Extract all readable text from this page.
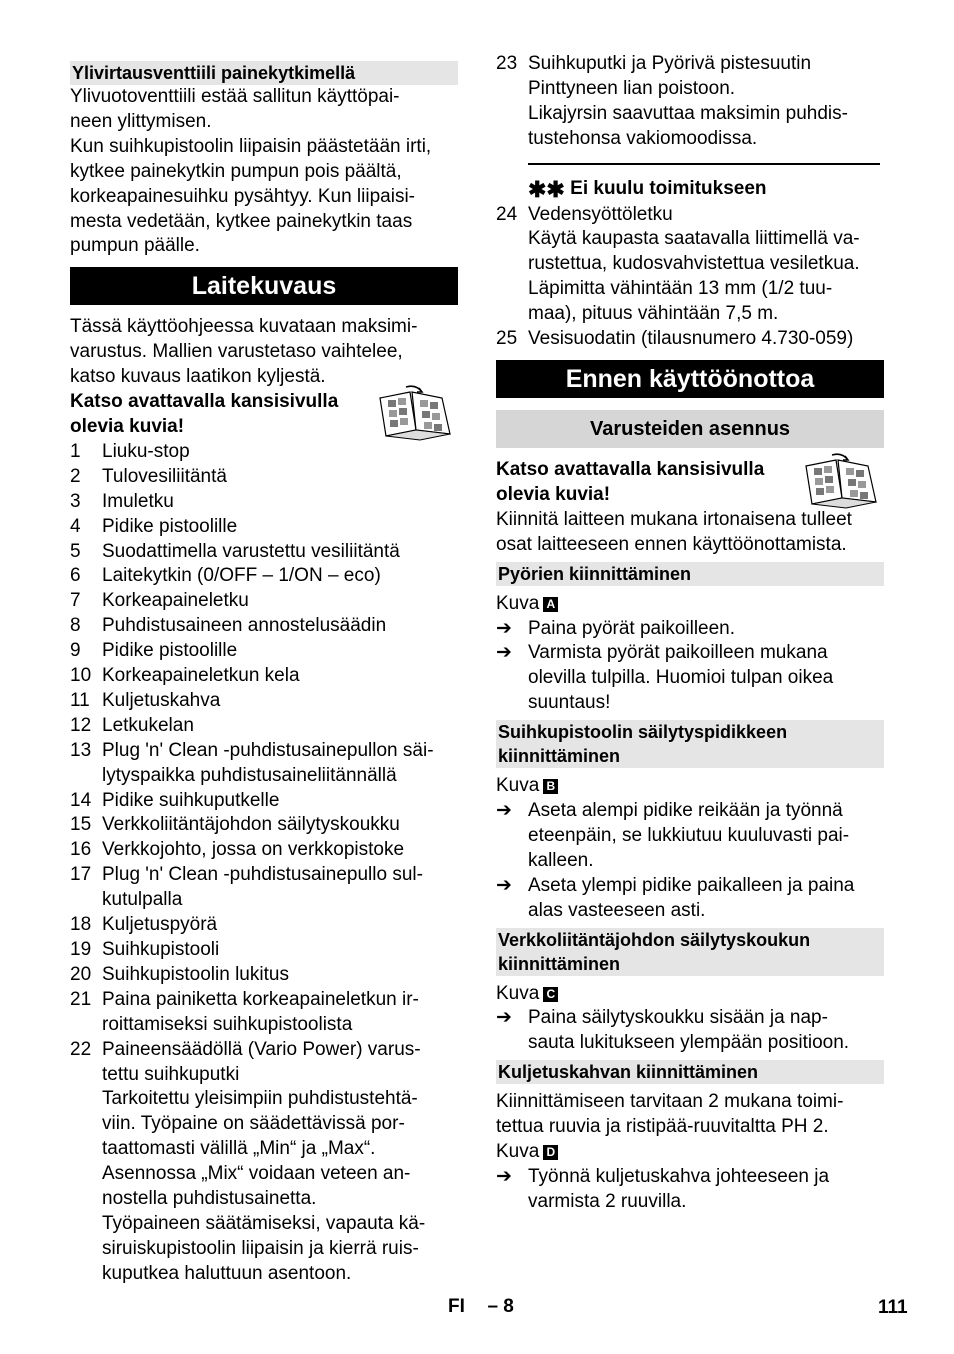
Ylivirtausventtiili painekytkimellä

Ylivuotoventtiili estää sallitun käyttöpai-

neen ylittymisen.

Kun suihkupistoolin liipaisin päästetään irti,

kytkee painekytkin pumpun pois päältä,

korkeapainesuihku pysähtyy. Kun liipaisi-

mesta vedetään, kytkee painekytkin taas

pumpun päälle.

Laitekuvaus

Tässä käyttöohjeessa kuvataan maksimi-

varustus. Mallien varustetaso vaihtelee,

katso kuvaus laatikon kyljestä.

Katso avattavalla kansisivulla

olevia kuvia!

1	Liuku-stop
2	Tulovesiliitäntä
3	Imuletku
4	Pidike pistoolille
5	Suodattimella varustettu vesiliitäntä
6	Laitekytkin (0/OFF – 1/ON – eco)
7	Korkeapaineletku
8	Puhdistusaineen annostelusäädin
9	Pidike pistoolille
10 Korkeapaineletkun kela
11 Kuljetuskahva
12 Letkukelan
13 Plug 'n' Clean -puhdistusainepullon säi-
lytyspaikka puhdistusaineliitännällä
14 Pidike suihkuputkelle
15 Verkkoliitäntäjohdon säilytyskoukku
16 Verkkojohto, jossa on verkkopistoke
17 Plug 'n' Clean -puhdistusainepullo sul-
kutulpalla
18 Kuljetuspyörä
19 Suihkupistooli
20 Suihkupistoolin lukitus
21 Paina painiketta korkeapaineletkun ir-
roittamiseksi suihkupistoolista
22 Paineensäädöllä (Vario Power) varus-
tettu suihkuputki
Tarkoitettu yleisimpiin puhdistustehtä-
viin. Työpaine on säädettävissä por-
taattomasti välillä „Min“ ja „Max“.
Asennossa „Mix“ voidaan veteen an-
nostella puhdistusainetta.
Työpaineen säätämiseksi, vapauta kä-
siruiskupistoolin liipaisin ja kierrä ruis-
kuputkea haluttuun asentoon.
23 Suihkuputki ja Pyörivä pistesuutin
Pinttyneen lian poistoon.
Likajyrsin saavuttaa maksimin puhdis-
tustehonsa vakiomoodissa.

✱✱ Ei kuulu toimitukseen

24 Vedensyöttöletku
Käytä kaupasta saatavalla liittimellä va-
rustettua, kudosvahvistettua vesiletkua.
Läpimitta vähintään 13 mm (1/2 tuu-
maa), pituus vähintään 7,5 m.
25 Vesisuodatin (tilausnumero 4.730-059)
Ennen käyttöönottoa
Varusteiden asennus

Katso avattavalla kansisivulla

olevia kuvia!

Kiinnitä laitteen mukana irtonaisena tulleet

osat laitteeseen ennen käyttöönottamista.

Pyörien kiinnittäminen

Kuva A

➔ Paina pyörät paikoilleen.
➔ Varmista pyörät paikoilleen mukana
olevilla tulpilla. Huomioi tulpan oikea
suuntaus!
Suihkupistoolin säilytyspidikkeen
kiinnittäminen

Kuva B

➔ Aseta alempi pidike reikään ja työnnä
eteenpäin, se lukkiutuu kuuluvasti pai-
kalleen.
➔ Aseta ylempi pidike paikalleen ja paina
alas vasteeseen asti.
Verkkoliitäntäjohdon säilytyskoukun
kiinnittäminen

Kuva C

➔ Paina säilytyskoukku sisään ja nap-
sauta lukitukseen ylempään positioon.
Kuljetuskahvan kiinnittäminen

Kiinnittämiseen tarvitaan 2 mukana toimi-

tettua ruuvia ja ristipää-ruuvitaltta PH 2.

Kuva D

➔ Työnnä kuljetuskahva johteeseen ja
varmista 2 ruuvilla.
FI – 8	111
